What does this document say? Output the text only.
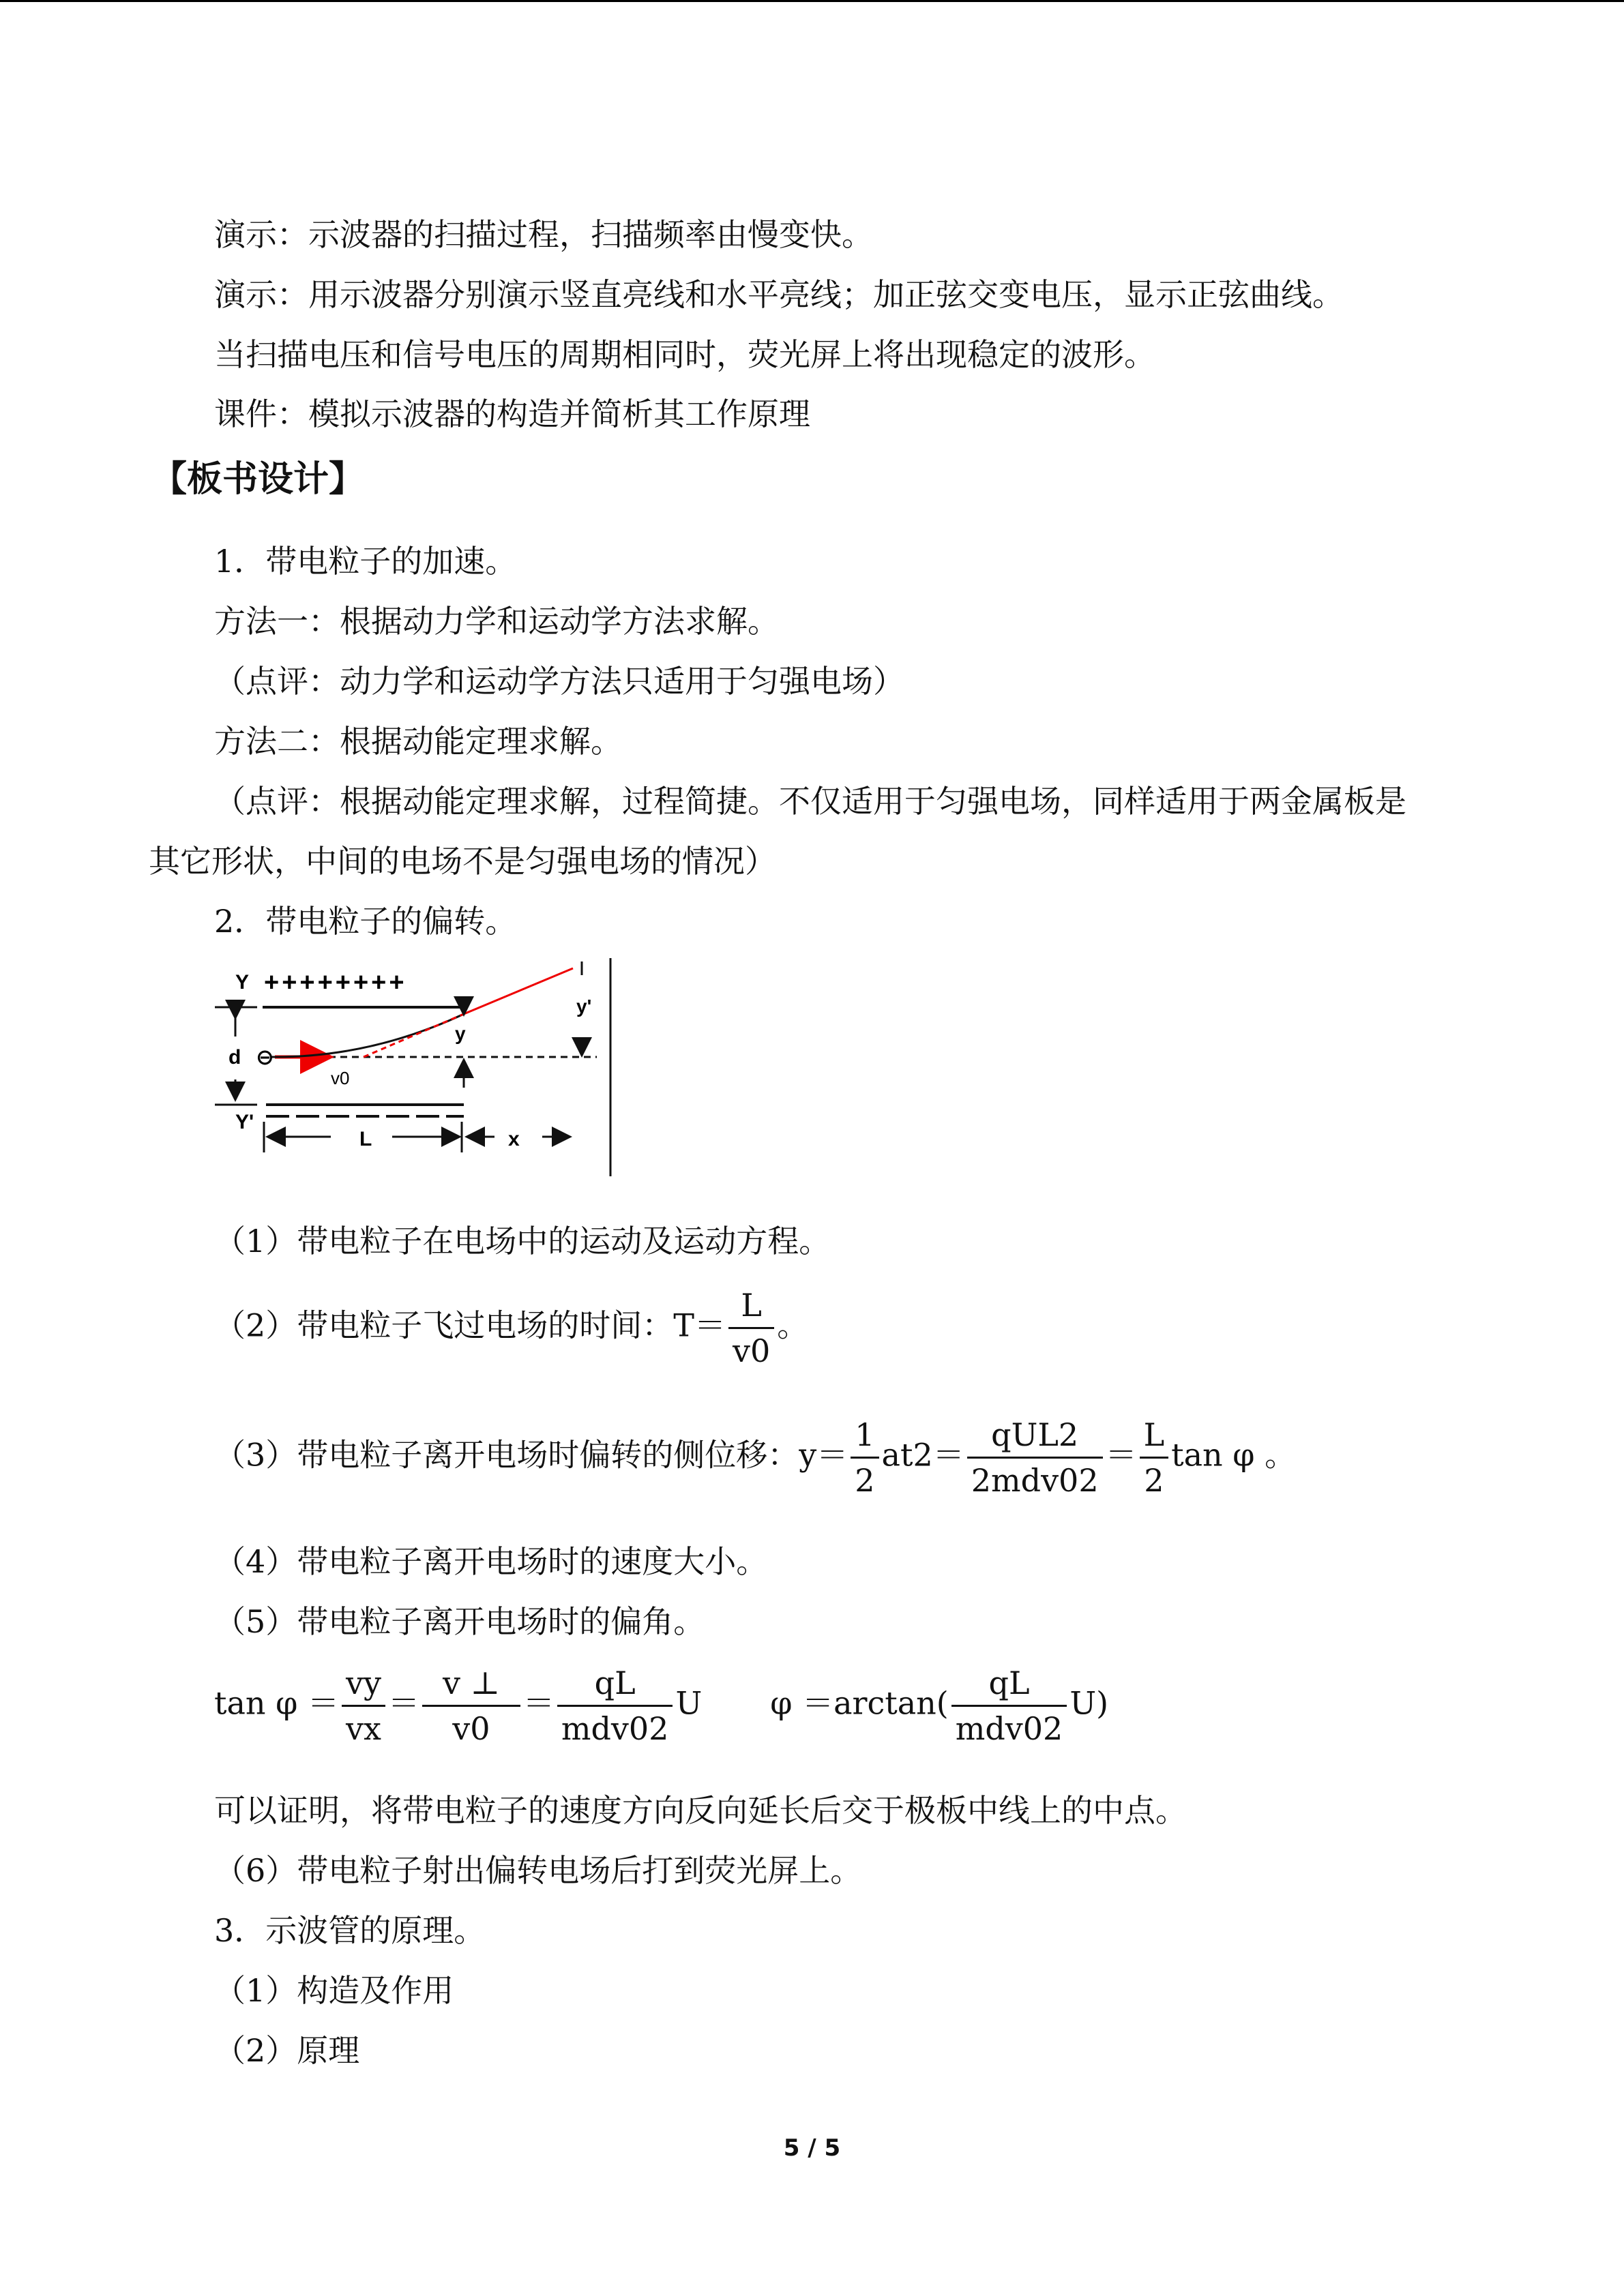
演示：示波器的扫描过程，扫描频率由慢变快。
演示：用示波器分别演示竖直亮线和水平亮线；加正弦交变电压，显示正弦曲线。
当扫描电压和信号电压的周期相同时，荧光屏上将出现稳定的波形。
课件：模拟示波器的构造并简析其工作原理
【板书设计】
1．带电粒子的加速。
方法一：根据动力学和运动学方法求解。
（点评：动力学和运动学方法只适用于匀强电场）
方法二：根据动能定理求解。
（点评：根据动能定理求解，过程简捷。不仅适用于匀强电场，同样适用于两金属板是
其它形状，中间的电场不是匀强电场的情况）
2．带电粒子的偏转。
Y ++++++++
d ⊖
v0
y
y'
Y'
L	x
（1）带电粒子在电场中的运动及运动方程。
（2）带电粒子飞过电场的时间：$T= \frac{L}{v0}$ 。
（3）带电粒子离开电场时偏转的侧位移：$y= \frac{1}{2} at2= \frac{\text{qUL2}}{\text{2mdv02}} = \frac{L}{2}$ tan φ 。
（4）带电粒子离开电场时的速度大小。
（5）带电粒子离开电场时的偏角。
$\tan \varphi = \frac{vy}{vx} = \frac{v \perp}{v0} = \frac{qL}{\text{mdv02}}$ U $\varphi =\arctan( \frac{qL}{\text{mdv02}} U)$
可以证明，将带电粒子的速度方向反向延长后交于极板中线上的中点。
（6）带电粒子射出偏转电场后打到荧光屏上。
3．示波管的原理。
（1）构造及作用
（2）原理
5 / 5
